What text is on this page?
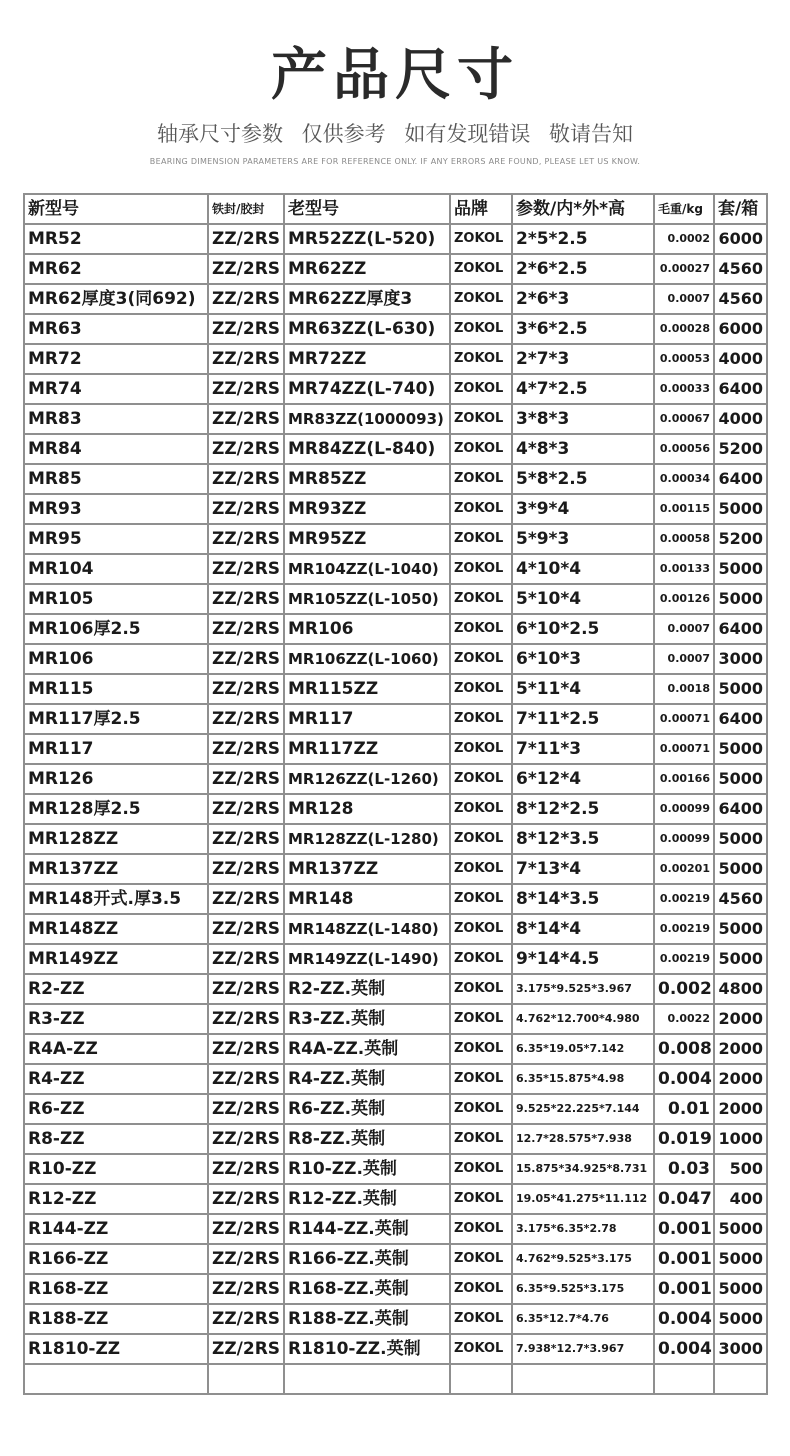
产品尺寸
轴承尺寸参数 仅供参考 如有发现错误 敬请告知
BEARING DIMENSION PARAMETERS ARE FOR REFERENCE ONLY. IF ANY ERRORS ARE FOUND, PLEASE LET US KNOW.
新型号	铁封/胶封	老型号	品牌	参数/内*外*高	毛重/kg	套/箱
MR52	ZZ/2RS	MR52ZZ(L-520)	ZOKOL	2*5*2.5	0.0002	6000
MR62	ZZ/2RS	MR62ZZ	ZOKOL	2*6*2.5	0.00027	4560
MR62厚度3(同692)	ZZ/2RS	MR62ZZ厚度3	ZOKOL	2*6*3	0.0007	4560
MR63	ZZ/2RS	MR63ZZ(L-630)	ZOKOL	3*6*2.5	0.00028	6000
MR72	ZZ/2RS	MR72ZZ	ZOKOL	2*7*3	0.00053	4000
MR74	ZZ/2RS	MR74ZZ(L-740)	ZOKOL	4*7*2.5	0.00033	6400
MR83	ZZ/2RS	MR83ZZ(1000093)	ZOKOL	3*8*3	0.00067	4000
MR84	ZZ/2RS	MR84ZZ(L-840)	ZOKOL	4*8*3	0.00056	5200
MR85	ZZ/2RS	MR85ZZ	ZOKOL	5*8*2.5	0.00034	6400
MR93	ZZ/2RS	MR93ZZ	ZOKOL	3*9*4	0.00115	5000
MR95	ZZ/2RS	MR95ZZ	ZOKOL	5*9*3	0.00058	5200
MR104	ZZ/2RS	MR104ZZ(L-1040)	ZOKOL	4*10*4	0.00133	5000
MR105	ZZ/2RS	MR105ZZ(L-1050)	ZOKOL	5*10*4	0.00126	5000
MR106厚2.5	ZZ/2RS	MR106	ZOKOL	6*10*2.5	0.0007	6400
MR106	ZZ/2RS	MR106ZZ(L-1060)	ZOKOL	6*10*3	0.0007	3000
MR115	ZZ/2RS	MR115ZZ	ZOKOL	5*11*4	0.0018	5000
MR117厚2.5	ZZ/2RS	MR117	ZOKOL	7*11*2.5	0.00071	6400
MR117	ZZ/2RS	MR117ZZ	ZOKOL	7*11*3	0.00071	5000
MR126	ZZ/2RS	MR126ZZ(L-1260)	ZOKOL	6*12*4	0.00166	5000
MR128厚2.5	ZZ/2RS	MR128	ZOKOL	8*12*2.5	0.00099	6400
MR128ZZ	ZZ/2RS	MR128ZZ(L-1280)	ZOKOL	8*12*3.5	0.00099	5000
MR137ZZ	ZZ/2RS	MR137ZZ	ZOKOL	7*13*4	0.00201	5000
MR148开式.厚3.5	ZZ/2RS	MR148	ZOKOL	8*14*3.5	0.00219	4560
MR148ZZ	ZZ/2RS	MR148ZZ(L-1480)	ZOKOL	8*14*4	0.00219	5000
MR149ZZ	ZZ/2RS	MR149ZZ(L-1490)	ZOKOL	9*14*4.5	0.00219	5000
R2-ZZ	ZZ/2RS	R2-ZZ.英制	ZOKOL	3.175*9.525*3.967	0.002	4800
R3-ZZ	ZZ/2RS	R3-ZZ.英制	ZOKOL	4.762*12.700*4.980	0.0022	2000
R4A-ZZ	ZZ/2RS	R4A-ZZ.英制	ZOKOL	6.35*19.05*7.142	0.008	2000
R4-ZZ	ZZ/2RS	R4-ZZ.英制	ZOKOL	6.35*15.875*4.98	0.004	2000
R6-ZZ	ZZ/2RS	R6-ZZ.英制	ZOKOL	9.525*22.225*7.144	0.01	2000
R8-ZZ	ZZ/2RS	R8-ZZ.英制	ZOKOL	12.7*28.575*7.938	0.019	1000
R10-ZZ	ZZ/2RS	R10-ZZ.英制	ZOKOL	15.875*34.925*8.731	0.03	500
R12-ZZ	ZZ/2RS	R12-ZZ.英制	ZOKOL	19.05*41.275*11.112	0.047	400
R144-ZZ	ZZ/2RS	R144-ZZ.英制	ZOKOL	3.175*6.35*2.78	0.001	5000
R166-ZZ	ZZ/2RS	R166-ZZ.英制	ZOKOL	4.762*9.525*3.175	0.001	5000
R168-ZZ	ZZ/2RS	R168-ZZ.英制	ZOKOL	6.35*9.525*3.175	0.001	5000
R188-ZZ	ZZ/2RS	R188-ZZ.英制	ZOKOL	6.35*12.7*4.76	0.004	5000
R1810-ZZ	ZZ/2RS	R1810-ZZ.英制	ZOKOL	7.938*12.7*3.967	0.004	3000
